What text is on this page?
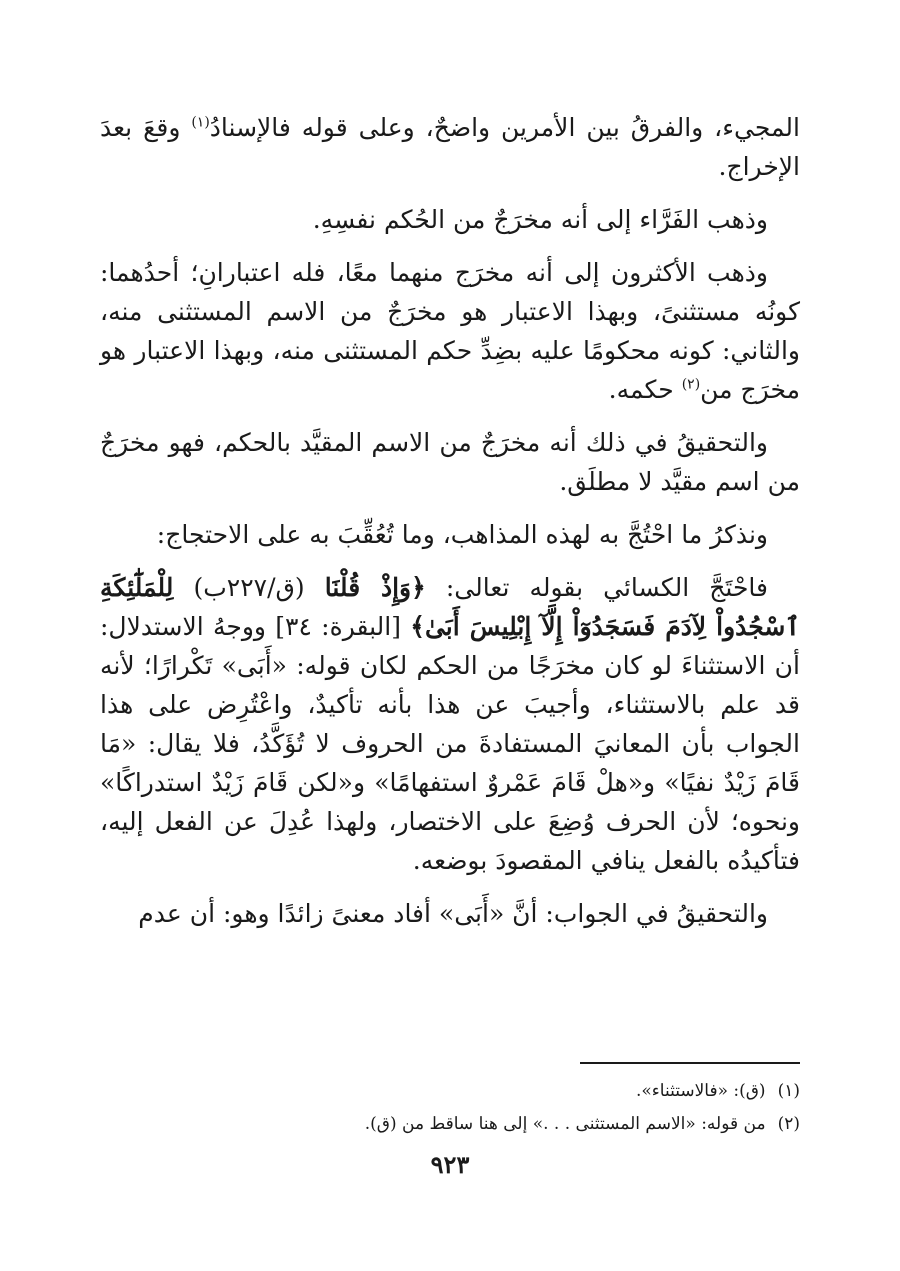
المجيء، والفرقُ بين الأمرين واضحٌ، وعلى قوله فالإسنادُ$^{(١)}$ وقعَ بعدَ الإخراج.

وذهب الفَرَّاء إلى أنه مخرَجٌ من الحُكم نفسِهِ.

وذهب الأكثرون إلى أنه مخرَج منهما معًا، فله اعتبارانِ؛ أحدُهما: كونُه مستثنىً، وبهذا الاعتبار هو مخرَجٌ من الاسم المستثنى منه، والثاني: كونه محكومًا عليه بضِدِّ حكم المستثنى منه، وبهذا الاعتبار هو مخرَج من$^{(٢)}$ حكمه.

والتحقيقُ في ذلك أنه مخرَجٌ من الاسم المقيَّد بالحكم، فهو مخرَجٌ من اسم مقيَّد لا مطلَق.

ونذكرُ ما احْتُجَّ به لهذه المذاهب، وما تُعُقِّبَ به على الاحتجاج:

فاحْتَجَّ الكسائي بقوله تعالى: ﴿وَإِذْ قُلْنَا (ق/٢٢٧ب) لِلْمَلَٰٓئِكَةِ ٱسْجُدُواْ لِآدَمَ فَسَجَدُوٓاْ إِلَّآ إِبْلِيسَ أَبَىٰ﴾ [البقرة: ٣٤] ووجهُ الاستدلال: أن الاستثناءَ لو كان مخرَجًا من الحكم لكان قوله: «أَبَى» تَكْرارًا؛ لأنه قد علم بالاستثناء، وأجيبَ عن هذا بأنه تأكيدٌ، واعْتُرِض على هذا الجواب بأن المعانيَ المستفادةَ من الحروف لا تُؤَكَّدُ، فلا يقال: «مَا قَامَ زَيْدٌ نفيًا» و«هلْ قَامَ عَمْروٌ استفهامًا» و«لكن قَامَ زَيْدٌ استدراكًا» ونحوه؛ لأن الحرف وُضِعَ على الاختصار، ولهذا عُدِلَ عن الفعل إليه، فتأكيدُه بالفعل ينافي المقصودَ بوضعه.

والتحقيقُ في الجواب: أنَّ «أَبَى» أفاد معنىً زائدًا وهو: أن عدم

(١)(ق): «فالاستثناء».

(٢)من قوله: «الاسم المستثنى . . .» إلى هنا ساقط من (ق).

٩٢٣
